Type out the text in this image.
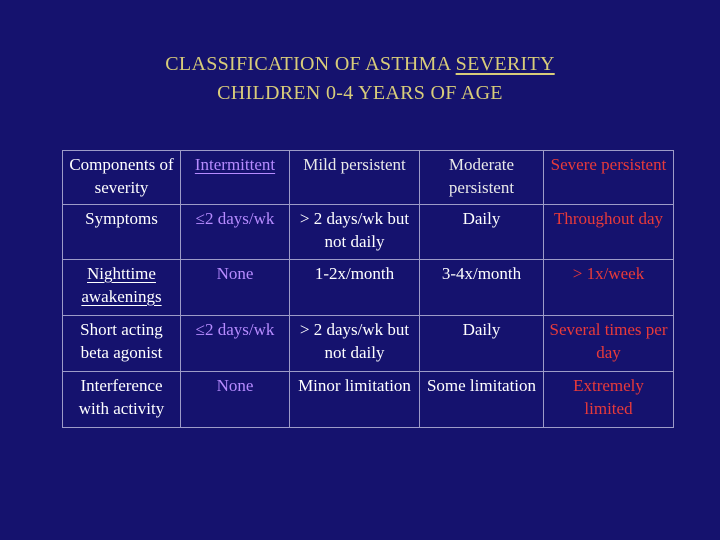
CLASSIFICATION OF ASTHMA SEVERITY
CHILDREN 0-4 YEARS OF AGE
Components of severity	Intermittent	Mild persistent	Moderate persistent	Severe persistent
Symptoms	≤2 days/wk	> 2 days/wk but not daily	Daily	Throughout day
Nighttime awakenings	None	1-2x/month	3-4x/month	> 1x/week
Short acting beta agonist	≤2 days/wk	> 2 days/wk but not daily	Daily	Several times per day
Interference with activity	None	Minor limitation	Some limitation	Extremely limited
